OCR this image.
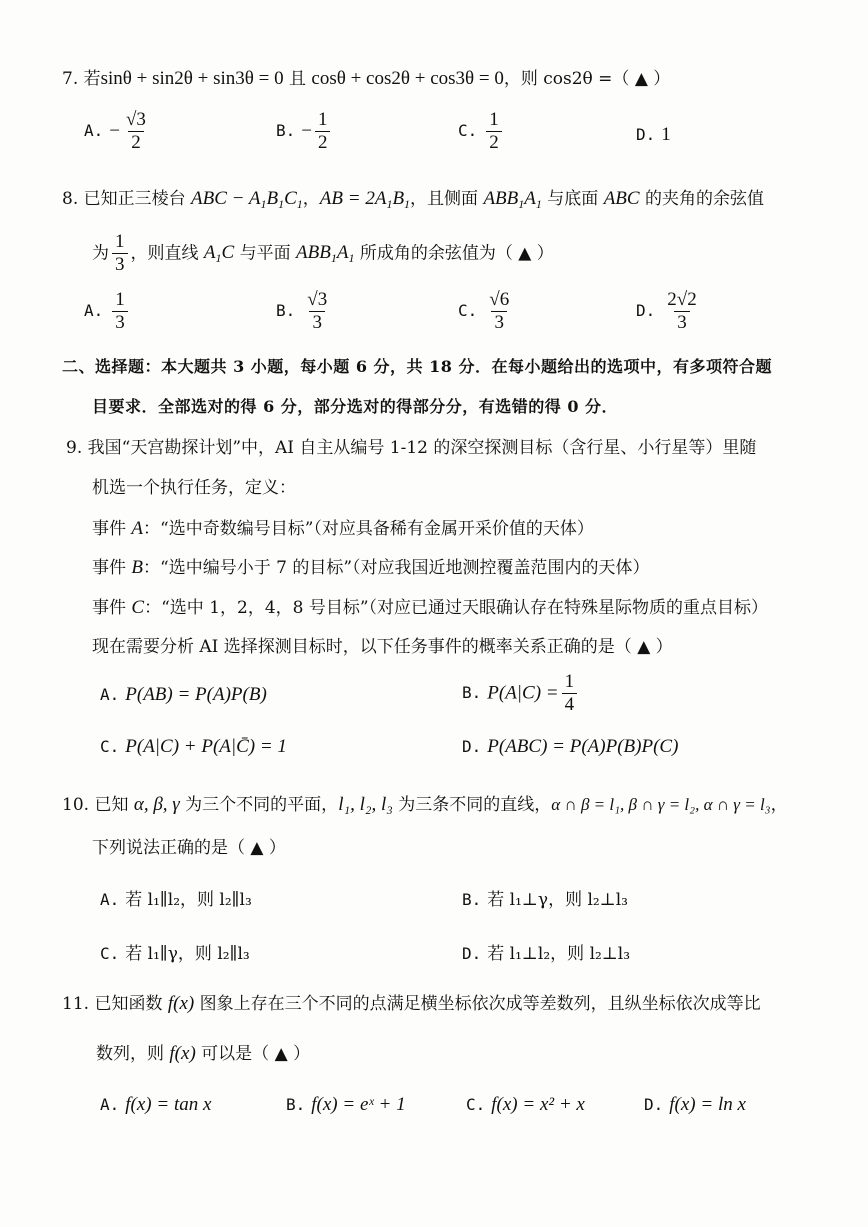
7. 若sinθ + sin2θ + sin3θ = 0 且 cosθ + cos2θ + cos3θ = 0，则 cos2θ =（ ▲ ）
A. − $\frac{√3}{2}$	B. − $\frac{1}{2}$	C. $\frac{1}{2}$	D. 1
8. 已知正三棱台 ABC − $A_1B_1C_1$，AB = $2A_1B_1$，且侧面 $ABB_1A_1$ 与底面 ABC 的夹角的余弦值
为 $\frac{1}{3}$ ，则直线 $A_1C$ 与平面 $ABB_1A_1$ 所成角的余弦值为（ ▲ ）
A. $\frac{1}{3}$	B. $\frac{√3}{3}$	C. $\frac{√6}{3}$	D. $\frac{2√2}{3}$
二、选择题：本大题共 3 小题，每小题 6 分，共 18 分．在每小题给出的选项中，有多项符合题
目要求．全部选对的得 6 分，部分选对的得部分分，有选错的得 0 分．
9. 我国“天宫勘探计划”中，AI 自主从编号 1-12 的深空探测目标（含行星、小行星等）里随
机选一个执行任务，定义：
事件 A：“选中奇数编号目标”（对应具备稀有金属开采价值的天体）
事件 B：“选中编号小于 7 的目标”（对应我国近地测控覆盖范围内的天体）
事件 C：“选中 1，2，4，8 号目标”（对应已通过天眼确认存在特殊星际物质的重点目标）
现在需要分析 AI 选择探测目标时，以下任务事件的概率关系正确的是（ ▲ ）
A. P(AB) = P(A)P(B)	B. $P(A|C) = \frac{1}{4}$
C. P(A|C) + P(A|C̄) = 1	D. P(ABC) = P(A)P(B)P(C)
10. 已知 α, β, γ 为三个不同的平面，l₁, l₂, l₃ 为三条不同的直线，α ∩ β = l₁, β ∩ γ = l₂, α ∩ γ = l₃，
下列说法正确的是（ ▲ ）
A. 若 l₁∥l₂，则 l₂∥l₃	B. 若 l₁⊥γ，则 l₂⊥l₃
C. 若 l₁∥γ，则 l₂∥l₃	D. 若 l₁⊥l₂，则 l₂⊥l₃
11. 已知函数 f(x) 图象上存在三个不同的点满足横坐标依次成等差数列，且纵坐标依次成等比
数列，则 f(x) 可以是（ ▲ ）
A. f(x) = tan x	B. f(x) = eˣ + 1	C. f(x) = x² + x	D. f(x) = ln x
